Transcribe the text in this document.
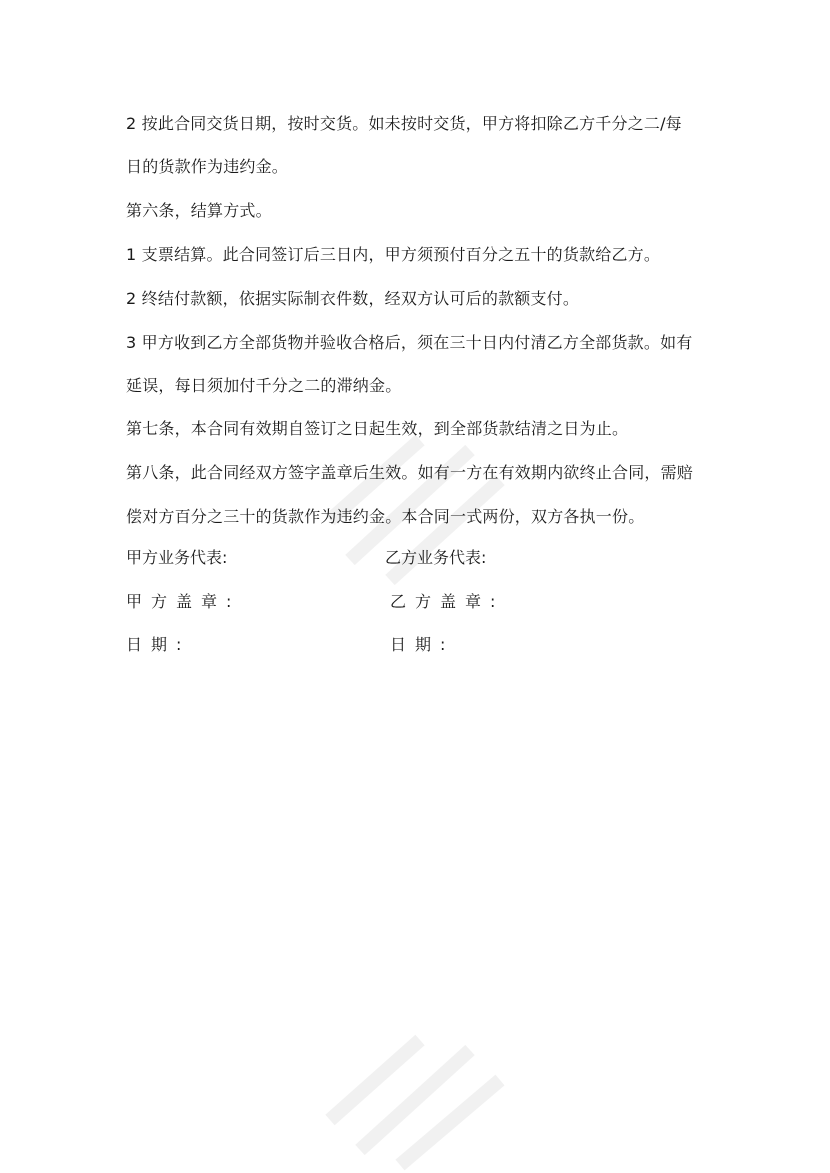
2 按此合同交货日期，按时交货。如未按时交货，甲方将扣除乙方千分之二/每
日的货款作为违约金。
第六条，结算方式。
1 支票结算。此合同签订后三日内，甲方须预付百分之五十的货款给乙方。
2 终结付款额，依据实际制衣件数，经双方认可后的款额支付。
3 甲方收到乙方全部货物并验收合格后，须在三十日内付清乙方全部货款。如有
延误，每日须加付千分之二的滞纳金。
第七条，本合同有效期自签订之日起生效，到全部货款结清之日为止。
第八条，此合同经双方签字盖章后生效。如有一方在有效期内欲终止合同，需赔
偿对方百分之三十的货款作为违约金。本合同一式两份，双方各执一份。
甲方业务代表:	乙方业务代表:
甲方盖章:	乙方盖章:
日期:	日期:
